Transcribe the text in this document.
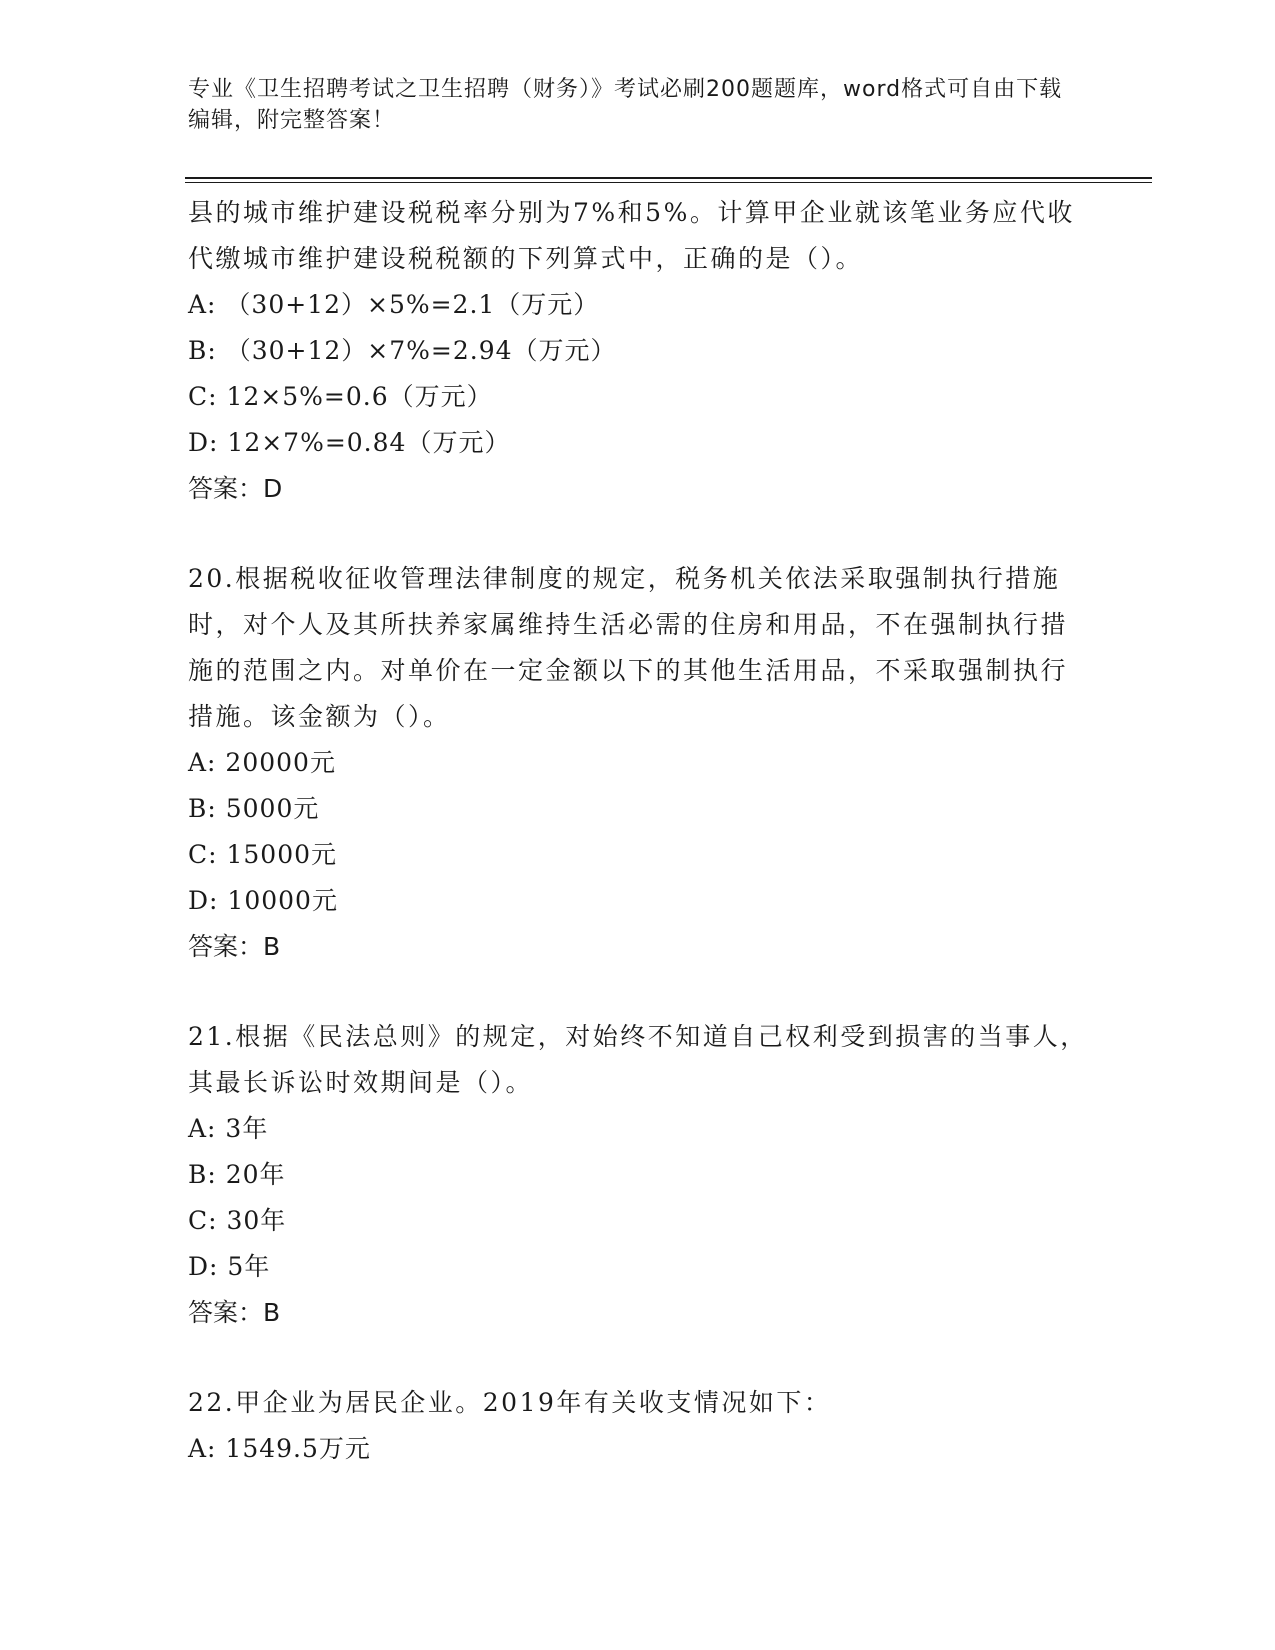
专业《卫生招聘考试之卫生招聘（财务）》考试必刷200题题库，word格式可自由下载编辑，附完整答案！

县的城市维护建设税税率分别为7%和5%。计算甲企业就该笔业务应代收代缴城市维护建设税税额的下列算式中，正确的是（）。

A: （30+12）×5%=2.1（万元）

B: （30+12）×7%=2.94（万元）

C: 12×5%=0.6（万元）

D: 12×7%=0.84（万元）

答案：D

20.根据税收征收管理法律制度的规定，税务机关依法采取强制执行措施时，对个人及其所扶养家属维持生活必需的住房和用品，不在强制执行措施的范围之内。对单价在一定金额以下的其他生活用品，不采取强制执行措施。该金额为（）。

A: 20000元

B: 5000元

C: 15000元

D: 10000元

答案：B

21.根据《民法总则》的规定，对始终不知道自己权利受到损害的当事人，其最长诉讼时效期间是（）。

A: 3年

B: 20年

C: 30年

D: 5年

答案：B

22.甲企业为居民企业。2019年有关收支情况如下：

A: 1549.5万元
